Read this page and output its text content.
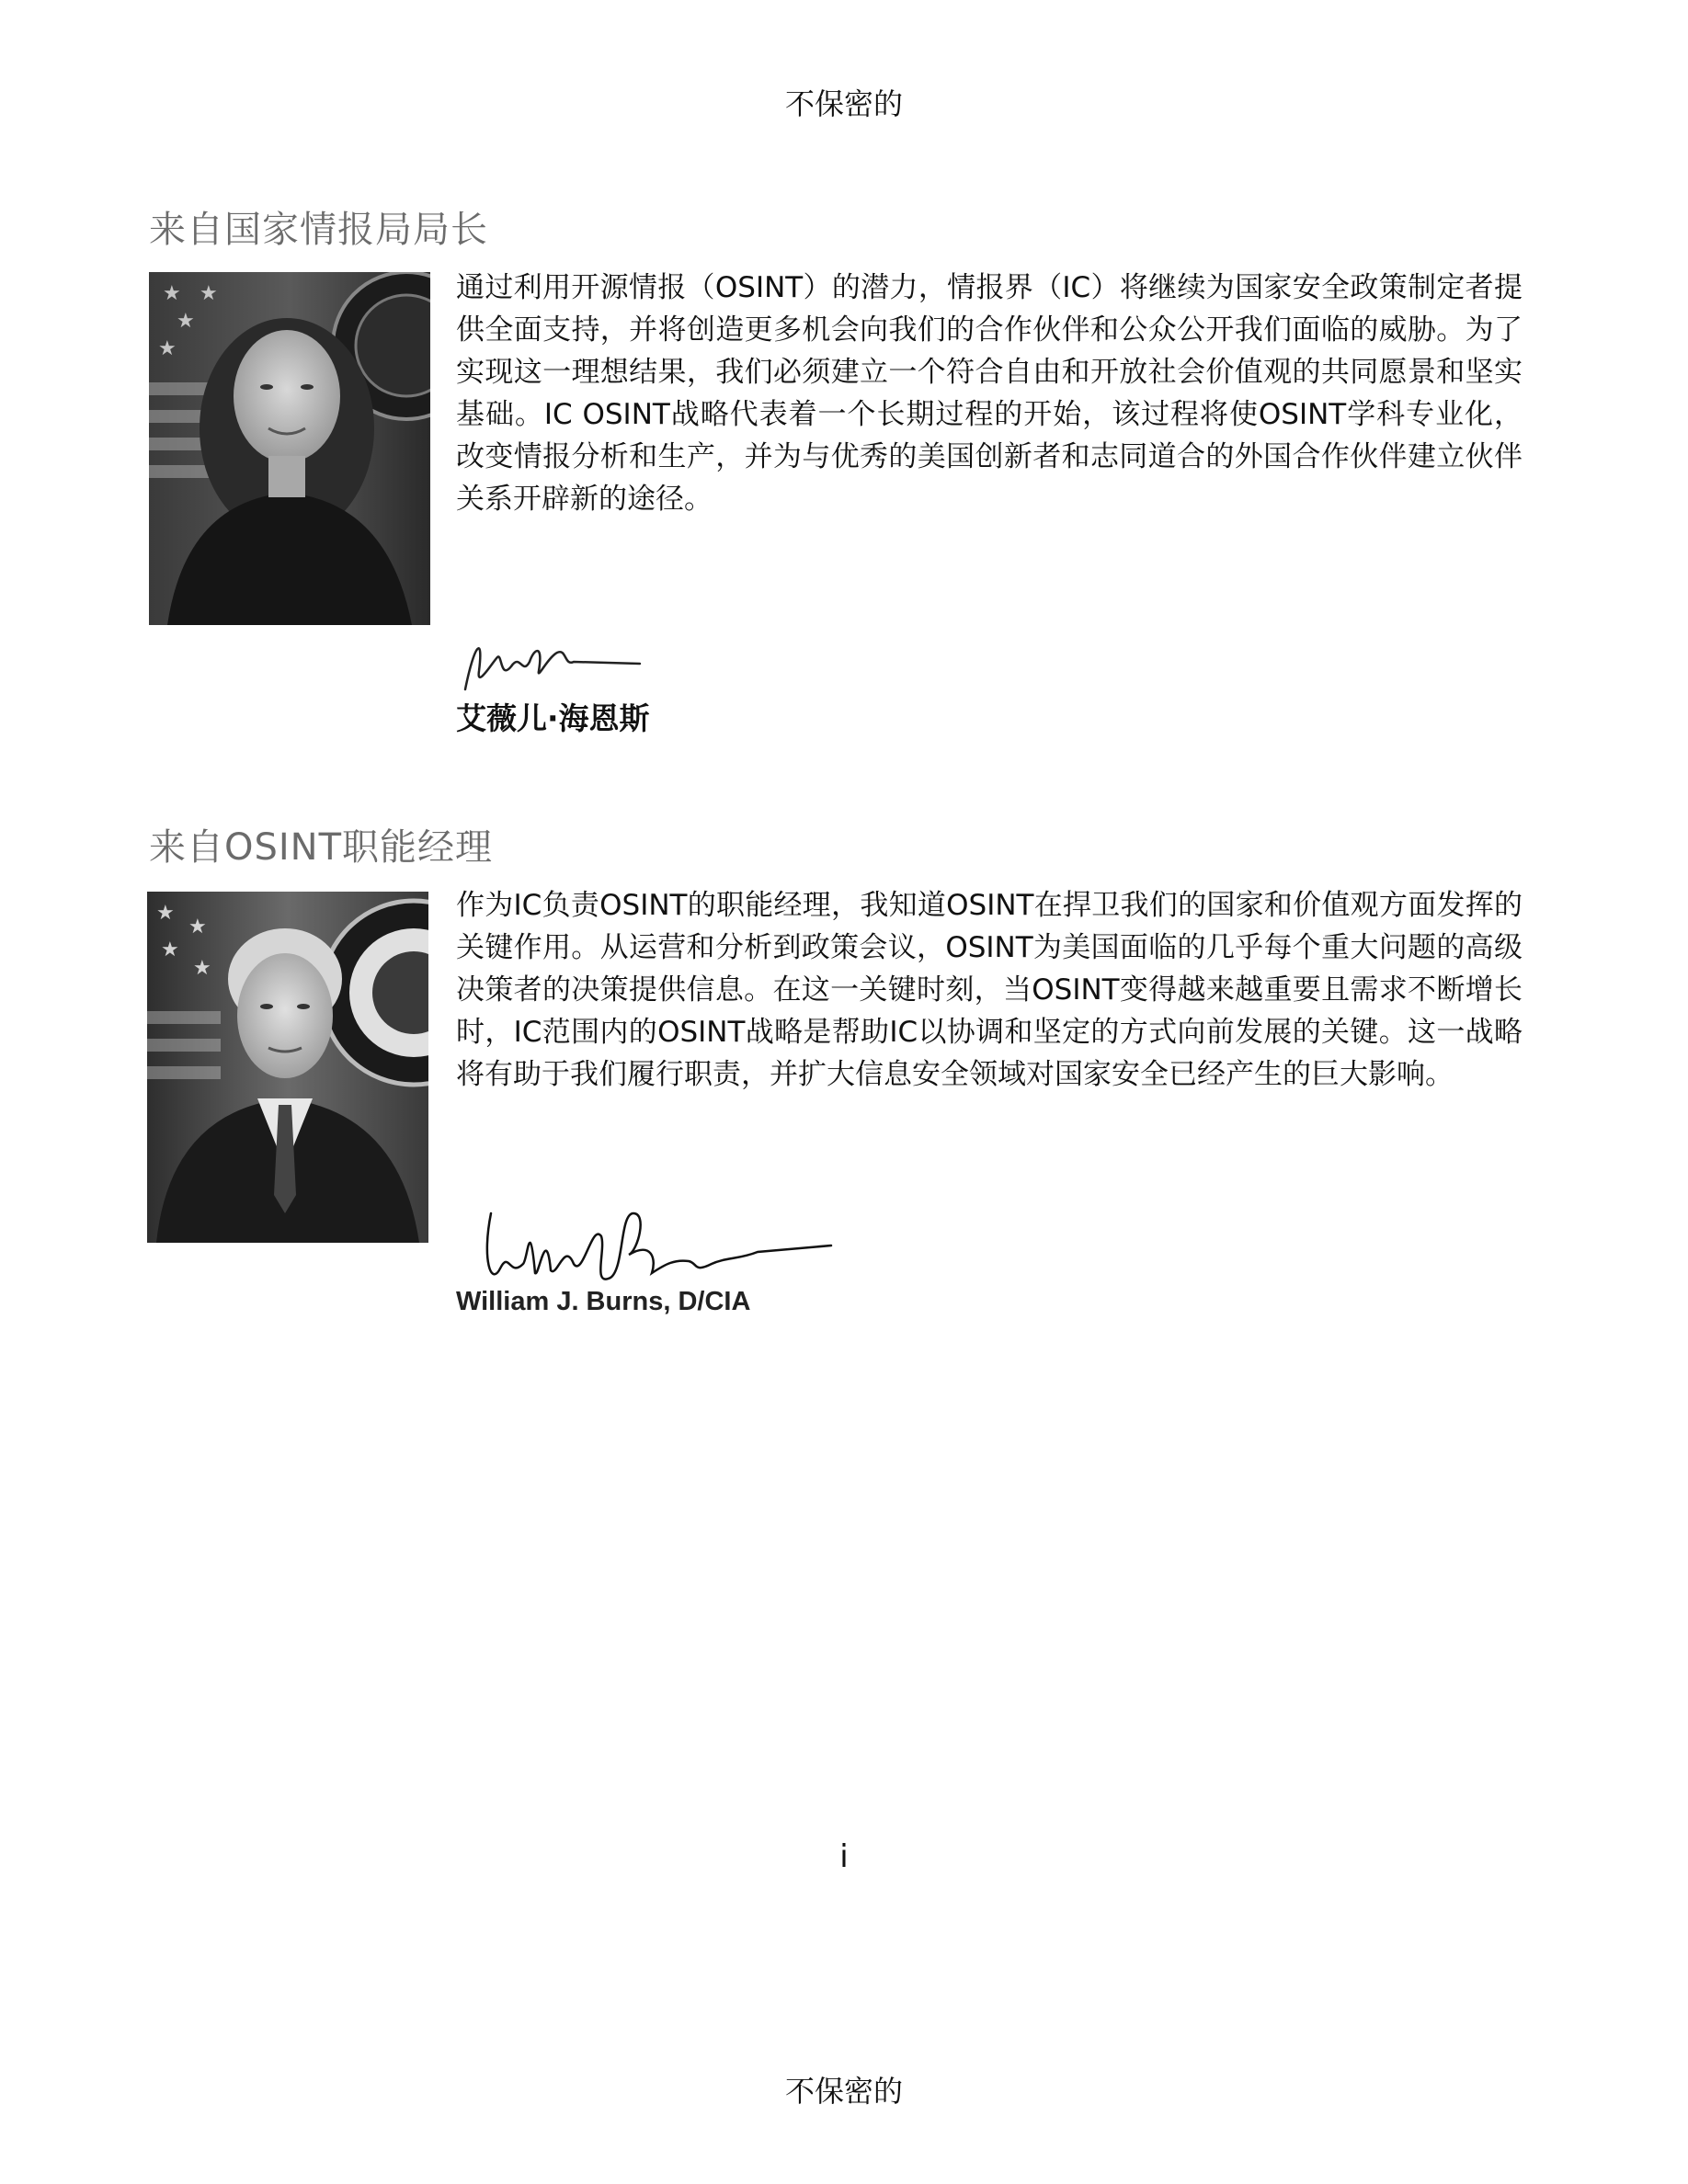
不保密的
来自国家情报局局长
★ ★
★
★
通过利用开源情报（OSINT）的潜力，情报界（IC）将继续为国家安全政策制定者提供全面支持，并将创造更多机会向我们的合作伙伴和公众公开我们面临的威胁。为了实现这一理想结果，我们必须建立一个符合自由和开放社会价值观的共同愿景和坚实基础。IC OSINT战略代表着一个长期过程的开始，该过程将使OSINT学科专业化，改变情报分析和生产，并为与优秀的美国创新者和志同道合的外国合作伙伴建立伙伴关系开辟新的途径。
艾薇儿·海恩斯
来自OSINT职能经理
★
★
★
★
作为IC负责OSINT的职能经理，我知道OSINT在捍卫我们的国家和价值观方面发挥的关键作用。从运营和分析到政策会议，OSINT为美国面临的几乎每个重大问题的高级决策者的决策提供信息。在这一关键时刻，当OSINT变得越来越重要且需求不断增长时，IC范围内的OSINT战略是帮助IC以协调和坚定的方式向前发展的关键。这一战略将有助于我们履行职责，并扩大信息安全领域对国家安全已经产生的巨大影响。
William J. Burns, D/CIA
i
不保密的
